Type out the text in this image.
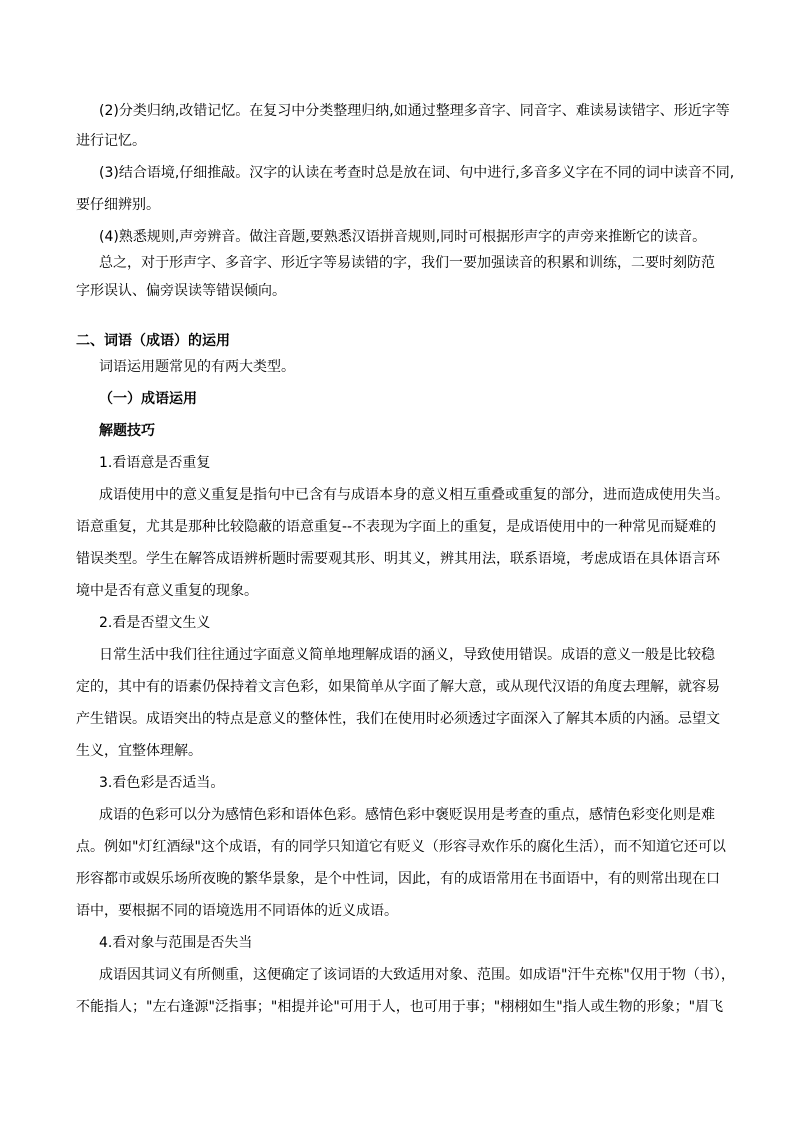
(2)分类归纳,改错记忆。在复习中分类整理归纳,如通过整理多音字、同音字、难读易读错字、形近字等
进行记忆。
(3)结合语境,仔细推敲。汉字的认读在考查时总是放在词、句中进行,多音多义字在不同的词中读音不同,
要仔细辨别。
(4)熟悉规则,声旁辨音。做注音题,要熟悉汉语拼音规则,同时可根据形声字的声旁来推断它的读音。
总之，对于形声字、多音字、形近字等易读错的字，我们一要加强读音的积累和训练，二要时刻防范
字形误认、偏旁误读等错误倾向。
二、词语（成语）的运用
词语运用题常见的有两大类型。
（一）成语运用
解题技巧
1.看语意是否重复
成语使用中的意义重复是指句中已含有与成语本身的意义相互重叠或重复的部分，进而造成使用失当。
语意重复，尤其是那种比较隐蔽的语意重复--不表现为字面上的重复，是成语使用中的一种常见而疑难的
错误类型。学生在解答成语辨析题时需要观其形、明其义，辨其用法，联系语境，考虑成语在具体语言环
境中是否有意义重复的现象。
2.看是否望文生义
日常生活中我们往往通过字面意义简单地理解成语的涵义，导致使用错误。成语的意义一般是比较稳
定的，其中有的语素仍保持着文言色彩，如果简单从字面了解大意，或从现代汉语的角度去理解，就容易
产生错误。成语突出的特点是意义的整体性，我们在使用时必须透过字面深入了解其本质的内涵。忌望文
生义，宜整体理解。
3.看色彩是否适当。
成语的色彩可以分为感情色彩和语体色彩。感情色彩中褒贬误用是考查的重点，感情色彩变化则是难
点。例如"灯红酒绿"这个成语，有的同学只知道它有贬义（形容寻欢作乐的腐化生活），而不知道它还可以
形容都市或娱乐场所夜晚的繁华景象，是个中性词，因此，有的成语常用在书面语中，有的则常出现在口
语中，要根据不同的语境选用不同语体的近义成语。
4.看对象与范围是否失当
成语因其词义有所侧重，这便确定了该词语的大致适用对象、范围。如成语"汗牛充栋"仅用于物（书），
不能指人；"左右逢源"泛指事；"相提并论"可用于人，也可用于事；"栩栩如生"指人或生物的形象；"眉飞
